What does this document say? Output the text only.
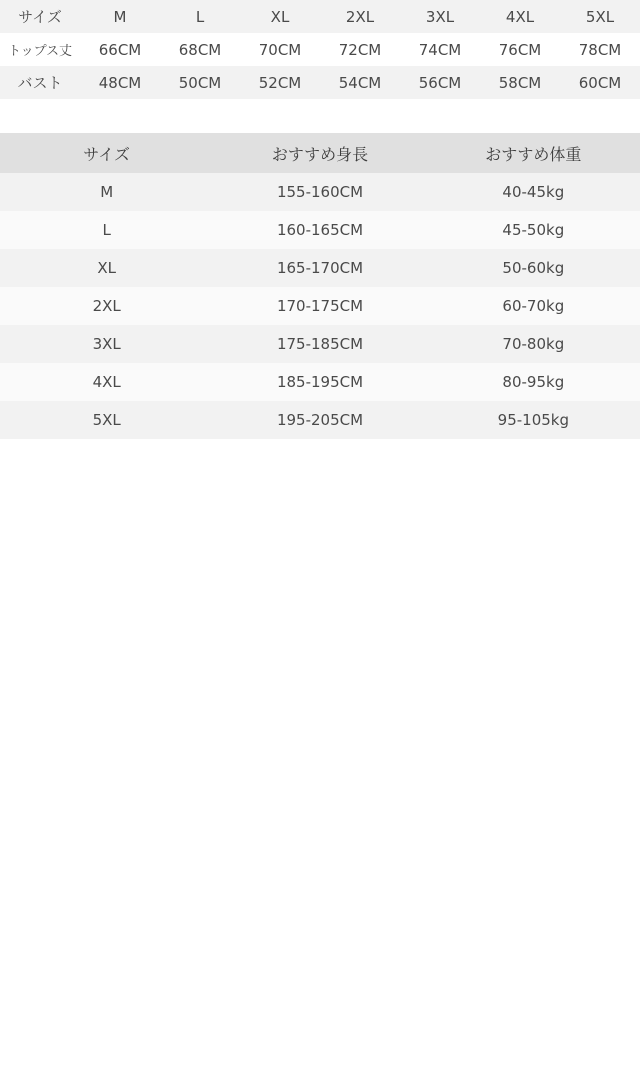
サイズ	M	L	XL	2XL	3XL	4XL	5XL
トップス丈	66CM	68CM	70CM	72CM	74CM	76CM	78CM
バスト	48CM	50CM	52CM	54CM	56CM	58CM	60CM
サイズ	おすすめ身長	おすすめ体重
M	155-160CM	40-45kg
L	160-165CM	45-50kg
XL	165-170CM	50-60kg
2XL	170-175CM	60-70kg
3XL	175-185CM	70-80kg
4XL	185-195CM	80-95kg
5XL	195-205CM	95-105kg
